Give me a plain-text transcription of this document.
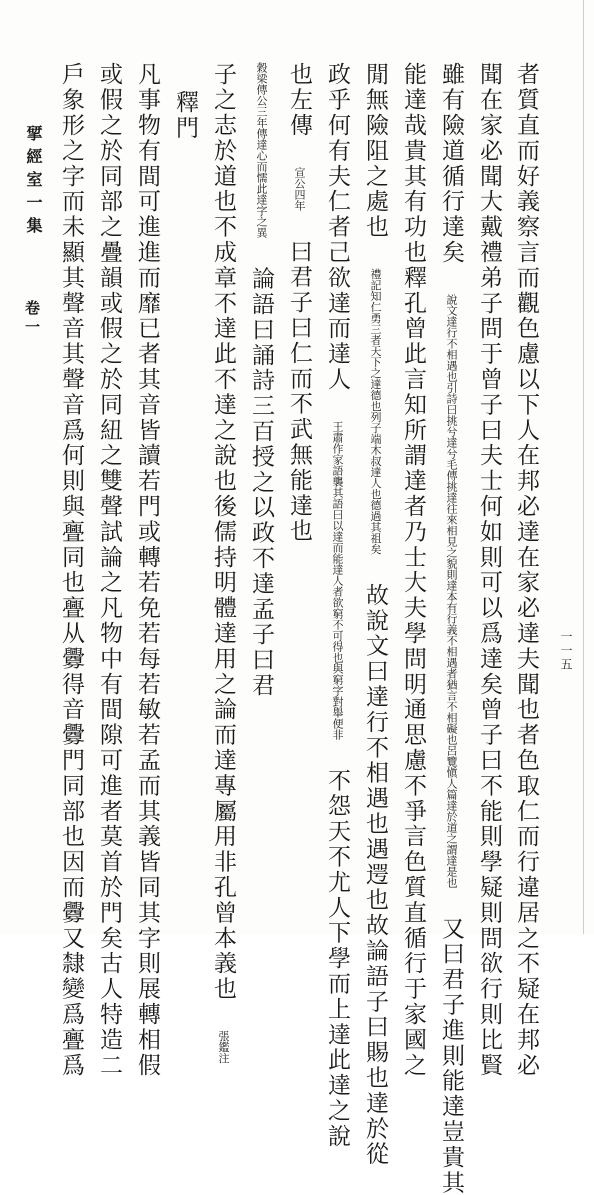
者質直而好義察言而觀色慮以下人在邦必達在家必達夫聞也者色取仁而行違居之不疑在邦必
聞在家必聞大戴禮弟子問于曾子曰夫士何如則可以爲達矣曾子曰不能則學疑則問欲行則比賢
雖有險道循行達矣 說文達行不相遇也引詩曰挑兮達兮毛傳挑達往來相見之貌則達本有行義不相遇者猶言不相礙也呂覽愼人篇達於道之謂達是也 又曰君子進則能達豈貴其
能達哉貴其有功也釋孔曾此言知所謂達者乃士大夫學問明通思慮不爭言色質直循行于家國之
閒無險阻之處也 禮記知仁勇三者天下之達德也列子端木叔達人也德過其祖矣 故說文曰達行不相遇也遇遌也故論語子曰賜也達於從
政乎何有夫仁者己欲達而達人 王肅作家語襲其語曰以達而能達人者欲窮不可得也與窮字對舉便非 不怨天不尤人下學而上達此達之說
也左傳 宣公四年 曰君子曰仁而不武無能達也
穀梁傳公三年傳達心而懦此達字之異 論語曰誦詩三百授之以政不達孟子曰君
子之志於道也不成章不達此不達之說也後儒持明體達用之論而達專屬用非孔曾本義也 張鑑注
釋門
凡事物有間可進進而靡已者其音皆讀若門或轉若免若每若敏若孟而其義皆同其字則展轉相假
或假之於同部之疊韻或假之於同紐之雙聲試論之凡物中有間隙可進者莫首於門矣古人特造二
戶象形之字而未顯其聲音其聲音爲何則與亹同也亹从釁得音釁門同部也因而釁又隸變爲亹爲
揅經室一集
卷一
一一五
